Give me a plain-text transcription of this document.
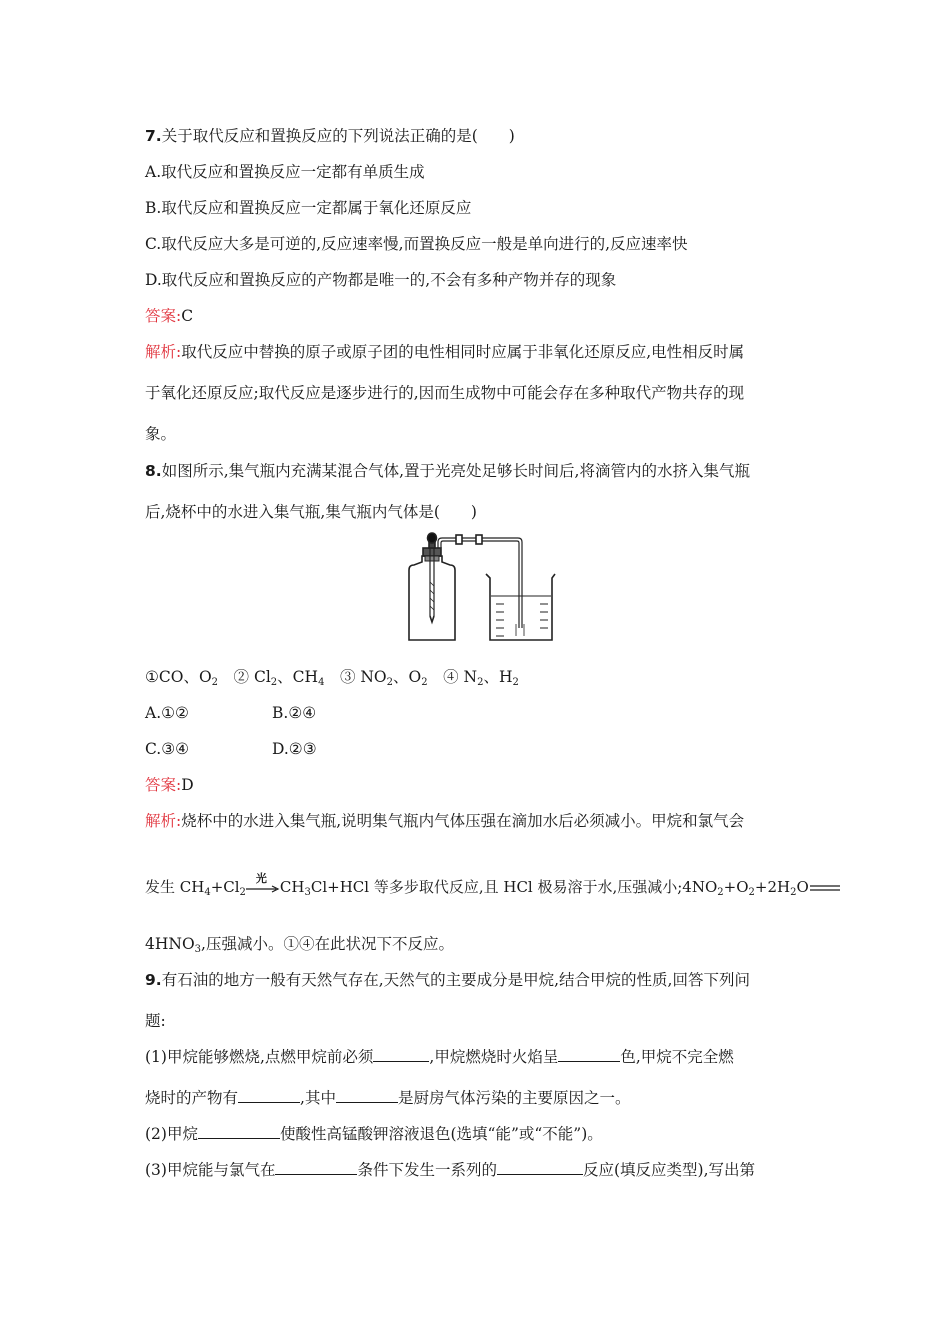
7.关于取代反应和置换反应的下列说法正确的是(　　)
A.取代反应和置换反应一定都有单质生成
B.取代反应和置换反应一定都属于氧化还原反应
C.取代反应大多是可逆的,反应速率慢,而置换反应一般是单向进行的,反应速率快
D.取代反应和置换反应的产物都是唯一的,不会有多种产物并存的现象
答案:C
解析:取代反应中替换的原子或原子团的电性相同时应属于非氧化还原反应,电性相反时属
于氧化还原反应;取代反应是逐步进行的,因而生成物中可能会存在多种取代产物共存的现
象。
8.如图所示,集气瓶内充满某混合气体,置于光亮处足够长时间后,将滴管内的水挤入集气瓶
后,烧杯中的水进入集气瓶,集气瓶内气体是(　　)
①CO、$O_2$　② $Cl_2$、$CH_4$　③ $NO_2$、$O_2$　④ $N_2$、$H_2$
A.①②	B.②④
C.③④	D.②③
答案:D
解析:烧杯中的水进入集气瓶,说明集气瓶内气体压强在滴加水后必须减小。甲烷和氯气会
发生 $CH_4+Cl_2$
光 $CH_3Cl+HCl$ 等多步取代反应,且 HCl 极易溶于水,压强减小$;4NO_2+O_2+2H_2O$
$4HNO_3$,压强减小。①④在此状况下不反应。
9.有石油的地方一般有天然气存在,天然气的主要成分是甲烷,结合甲烷的性质,回答下列问
题:
(1)甲烷能够燃烧,点燃甲烷前必须	,甲烷燃烧时火焰呈	色,甲烷不完全燃
烧时的产物有	,其中	是厨房气体污染的主要原因之一。
(2)甲烷	使酸性高锰酸钾溶液退色(选填“能”或“不能”)。
(3)甲烷能与氯气在	条件下发生一系列的	反应(填反应类型),写出第
